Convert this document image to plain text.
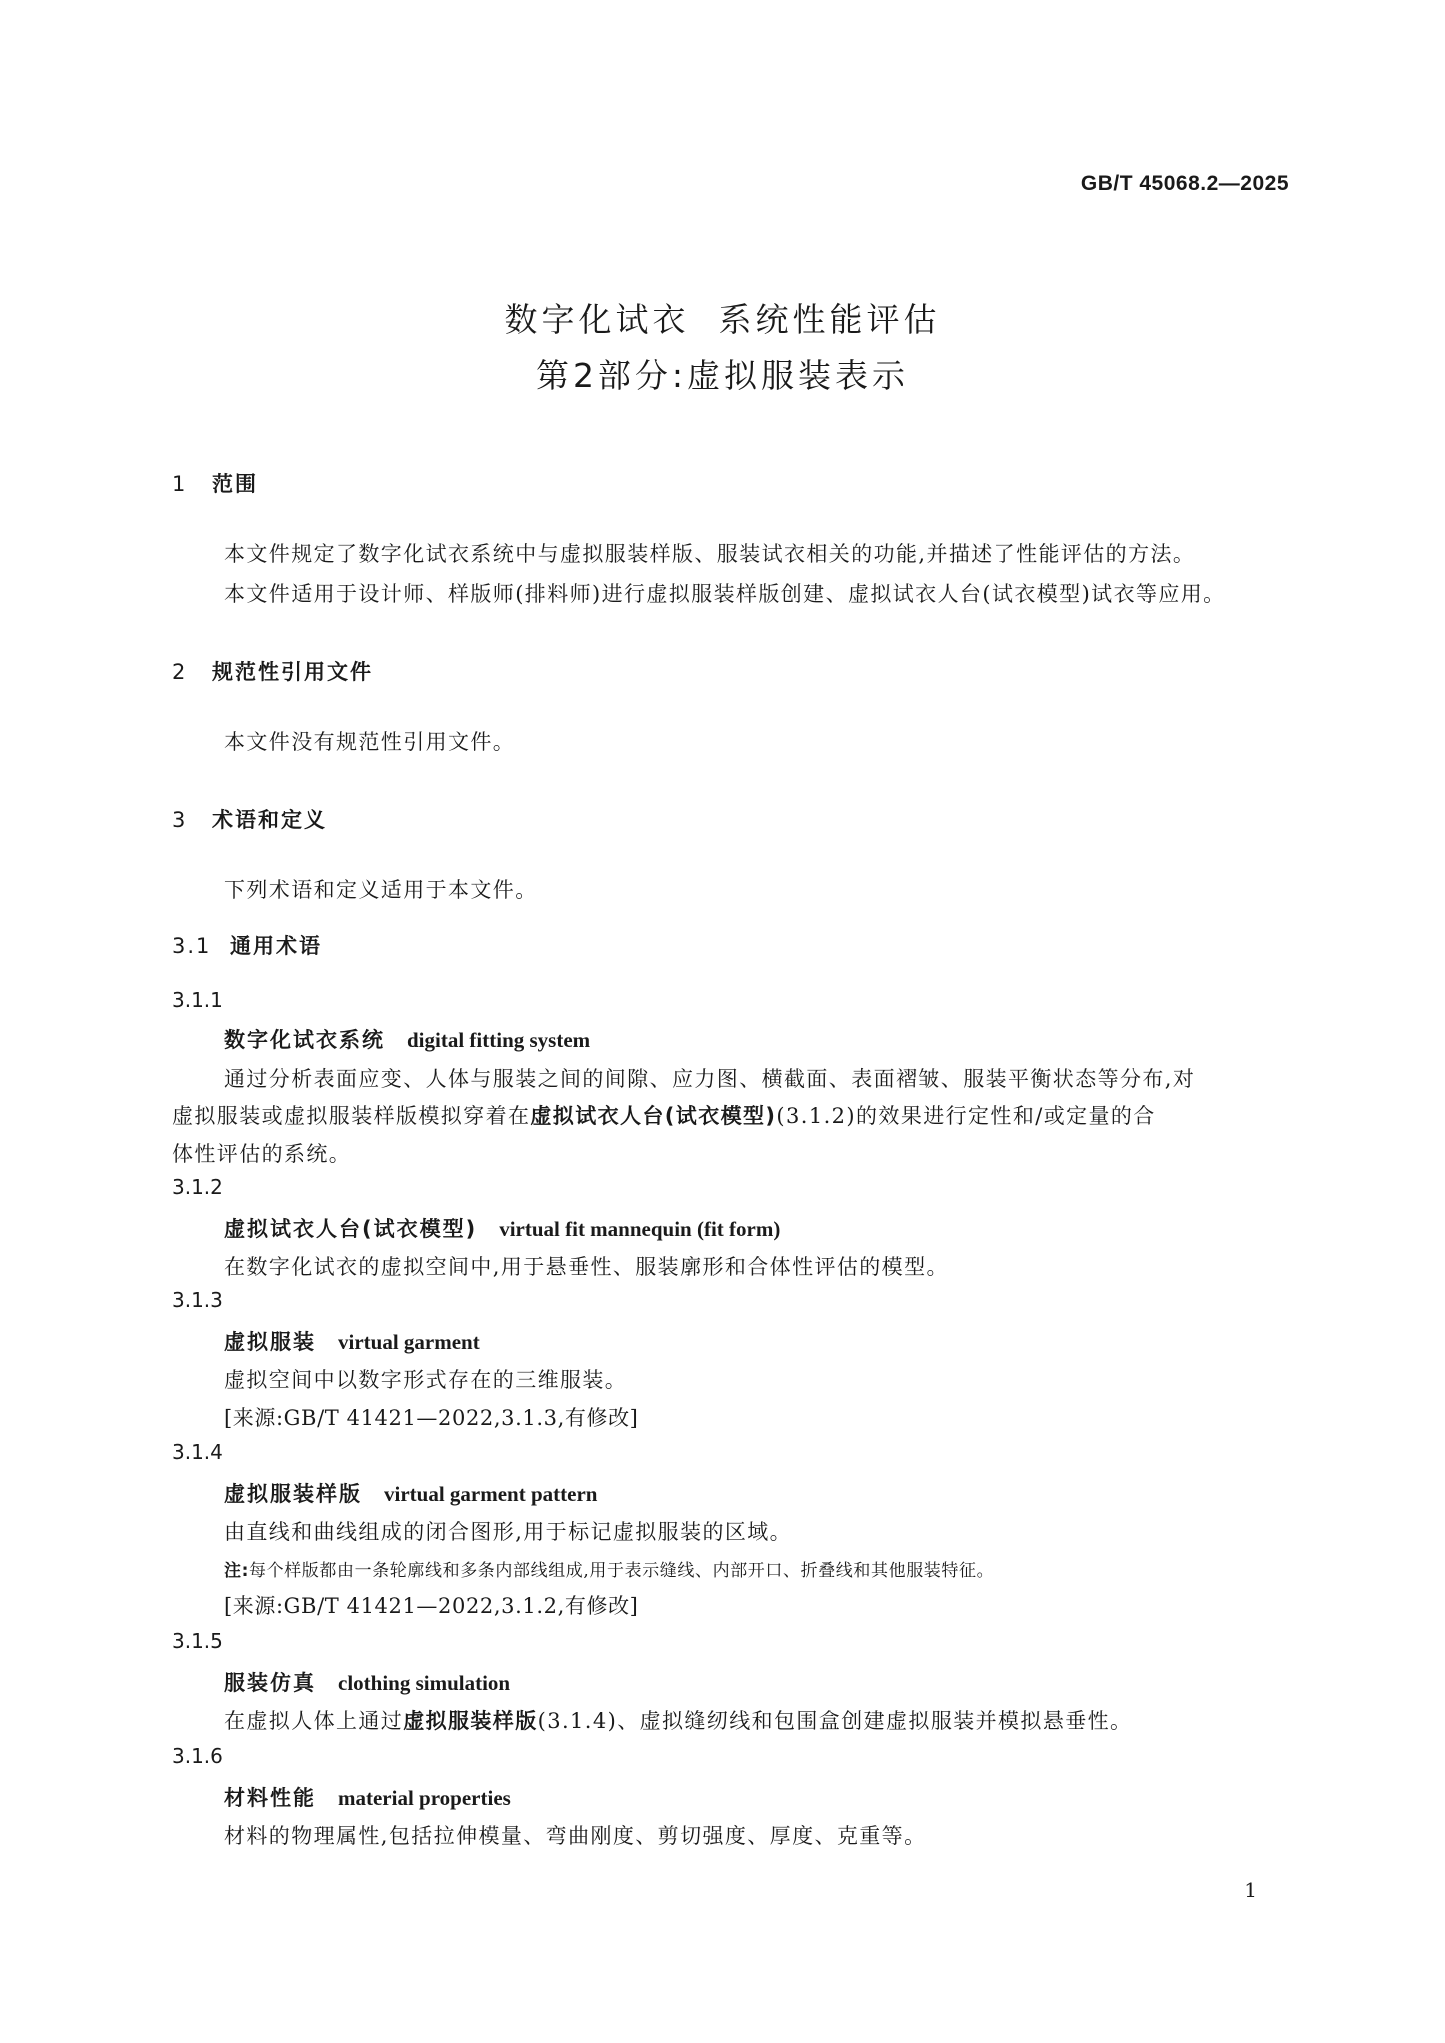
GB/T 45068.2—2025
数字化试衣  系统性能评估
第2部分:虚拟服装表示
1 范围
本文件规定了数字化试衣系统中与虚拟服装样版、服装试衣相关的功能,并描述了性能评估的方法。
本文件适用于设计师、样版师(排料师)进行虚拟服装样版创建、虚拟试衣人台(试衣模型)试衣等应用。
2 规范性引用文件
本文件没有规范性引用文件。
3 术语和定义
下列术语和定义适用于本文件。
3.1 通用术语
3.1.1
数字化试衣系统 digital fitting system
通过分析表面应变、人体与服装之间的间隙、应力图、横截面、表面褶皱、服装平衡状态等分布,对
虚拟服装或虚拟服装样版模拟穿着在虚拟试衣人台(试衣模型)(3.1.2)的效果进行定性和/或定量的合
体性评估的系统。
3.1.2
虚拟试衣人台(试衣模型) virtual fit mannequin (fit form)
在数字化试衣的虚拟空间中,用于悬垂性、服装廓形和合体性评估的模型。
3.1.3
虚拟服装 virtual garment
虚拟空间中以数字形式存在的三维服装。
[来源:GB/T 41421—2022,3.1.3,有修改]
3.1.4
虚拟服装样版 virtual garment pattern
由直线和曲线组成的闭合图形,用于标记虚拟服装的区域。
注:每个样版都由一条轮廓线和多条内部线组成,用于表示缝线、内部开口、折叠线和其他服装特征。
[来源:GB/T 41421—2022,3.1.2,有修改]
3.1.5
服装仿真 clothing simulation
在虚拟人体上通过虚拟服装样版(3.1.4)、虚拟缝纫线和包围盒创建虚拟服装并模拟悬垂性。
3.1.6
材料性能 material properties
材料的物理属性,包括拉伸模量、弯曲刚度、剪切强度、厚度、克重等。
1
